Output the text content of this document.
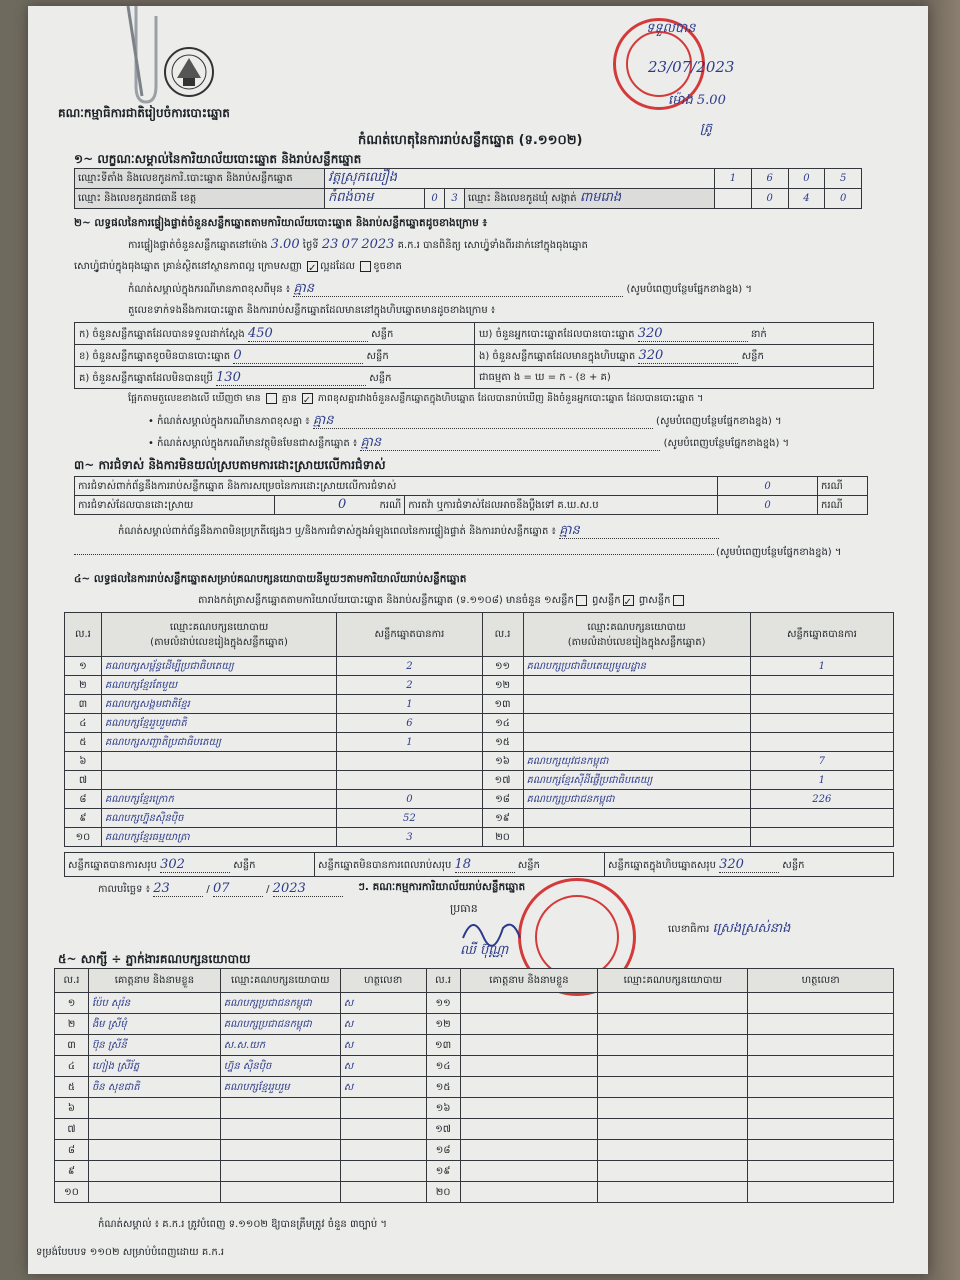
គណៈកម្មាធិការជាតិរៀបចំការបោះឆ្នោត
កំណត់ហេតុនៃការរាប់សន្លឹកឆ្នោត (ទ.១១០២)
ទទួលបាន
23/07/2023
ម៉ោង 5.00
ត្រូ
១~ លក្ខណៈសម្គាល់នៃការិយាល័យបោះឆ្នោត និងរាប់សន្លឹកឆ្នោត
ឈ្មោះទីតាំង និងលេខកូដការិ.បោះឆ្នោត និងរាប់សន្លឹកឆ្នោត	វត្តស្រុកឈឿង				1	6	0	5
ឈ្មោះ និងលេខកូដរាជធានី ខេត្ត	កំពង់ចាម	0	3	ឈ្មោះ និងលេខកូដឃុំ សង្កាត់ ពាមរោង		0	4	0
២~ លទ្ធផលនៃការផ្ទៀងផ្ទាត់ចំនួនសន្លឹកឆ្នោតតាមការិយាល័យបោះឆ្នោត និងរាប់សន្លឹកឆ្នោតដូចខាងក្រោម ៖
ការផ្ទៀងផ្ទាត់ចំនួនសន្លឹកឆ្នោតនៅម៉ោង 3.00 ថ្ងៃទី 23 07 2023 គ.ក.រ បានពិនិត្យ សោហ្វ៉ូទាំងពីរដាក់នៅក្នុងធុងឆ្នោត
សោហ្វ៉ូជាប់ក្នុងធុងឆ្នោត គ្រាន់ស្ថិតនៅស្ថានភាពល្អ ក្រោមសញ្ញា ✓ ល្អដដែល ខូចខាត
កំណត់សម្គាល់ក្នុងករណីមានភាពខុសពីមុន ៖ គ្មាន	(សូមបំពេញបន្ថែមផ្នែកខាងខ្នង) ។
តួលេខទាក់ទងនឹងការបោះឆ្នោត និងការរាប់សន្លឹកឆ្នោតដែលមាននៅក្នុងហិបឆ្នោតមានដូចខាងក្រោម ៖
ក) ចំនួនសន្លឹកឆ្នោតដែលបានទទួលដាក់ស្តែង 450 សន្លឹក	ឃ) ចំនួនអ្នកបោះឆ្នោតដែលបានបោះឆ្នោត 320 នាក់
ខ) ចំនួនសន្លឹកឆ្នោតខូចមិនបានបោះឆ្នោត 0 សន្លឹក	ង) ចំនួនសន្លឹកឆ្នោតដែលមានក្នុងហិបឆ្នោត 320 សន្លឹក
គ) ចំនួនសន្លឹកឆ្នោតដែលមិនបានប្រើ 130 សន្លឹក	ជាធម្មតា ង = ឃ = ក - (ខ + គ)
ផ្អែកតាមតួលេខខាងលើ ឃើញថា មាន គ្មាន ✓ ភាពខុសគ្នារវាងចំនួនសន្លឹកឆ្នោតក្នុងហិបឆ្នោត ដែលបានរាប់ឃើញ និងចំនួនអ្នកបោះឆ្នោត ដែលបានបោះឆ្នោត ។
• កំណត់សម្គាល់ក្នុងករណីមានភាពខុសគ្នា ៖ គ្មាន	(សូមបំពេញបន្ថែមផ្នែកខាងខ្នង) ។
• កំណត់សម្គាល់ក្នុងករណីមានវត្ថុមិនមែនជាសន្លឹកឆ្នោត ៖ គ្មាន	(សូមបំពេញបន្ថែមផ្នែកខាងខ្នង) ។
៣~ ការជំទាស់ និងការមិនយល់ស្របតាមការដោះស្រាយលើការជំទាស់
ការជំទាស់ពាក់ព័ន្ធនឹងការរាប់សន្លឹកឆ្នោត និងការសម្រេចនៃការដោះស្រាយលើការជំទាស់			0	ករណី
ការជំទាស់ដែលបានដោះស្រាយ	0 ករណី	ការតវ៉ា ឬការជំទាស់ដែលអាចនឹងប្តឹងទៅ គ.ឃ.ស.ប	0	ករណី
កំណត់សម្គាល់ពាក់ព័ន្ធនឹងភាពមិនប្រក្រតីផ្សេងៗ ឬ/និងការជំទាស់ក្នុងអំឡុងពេលនៃការផ្ទៀងផ្ទាត់ និងការរាប់សន្លឹកឆ្នោត ៖ គ្មាន
(សូមបំពេញបន្ថែមផ្នែកខាងខ្នង) ។
៤~ លទ្ធផលនៃការរាប់សន្លឹកឆ្នោតសម្រាប់គណបក្សនយោបាយនីមួយៗតាមការិយាល័យរាប់សន្លឹកឆ្នោត
តារាងកត់ត្រាសន្លឹកឆ្នោតតាមការិយាល័យបោះឆ្នោត និងរាប់សន្លឹកឆ្នោត (ទ.១១០៨) មានចំនួន ១សន្លឹក ព្ធសន្លឹក ✓ ព្ធាសន្លឹក
ល.រ	ឈ្មោះគណបក្សនយោបាយ
(តាមលំដាប់លេខរៀងក្នុងសន្លឹកឆ្នោត)	សន្លឹកឆ្នោតបានការ	ល.រ	ឈ្មោះគណបក្សនយោបាយ
(តាមលំដាប់លេខរៀងក្នុងសន្លឹកឆ្នោត)	សន្លឹកឆ្នោតបានការ
១	គណបក្សសម្ព័ន្ធដើម្បីប្រជាធិបតេយ្យ	2	១១	គណបក្សប្រជាធិបតេយ្យមូលដ្ឋាន	1
២	គណបក្សខ្មែរតែមួយ	2	១២		
៣	គណបក្សសង្គមជាតិខ្មែរ	1	១៣		
៤	គណបក្សខ្មែររួបរួមជាតិ	6	១៤		
៥	គណបក្សសញ្ជាតិប្រជាធិបតេយ្យ	1	១៥		
៦			១៦	គណបក្សយុវជនកម្ពុជា	7
៧			១៧	គណបក្សខ្មែរស៊ីដីផ្លើប្រជាធិបតេយ្យ	1
៨	គណបក្សខ្មែរក្រោក	0	១៨	គណបក្សប្រជាជនកម្ពុជា	226
៩	គណបក្សហ្វ៊ុនស៊ិនប៉ិច	52	១៩		
១០	គណបក្សខ្មែរធម្មយាត្រា	3	២០		
សន្លឹកឆ្នោតបានការសរុប 302	សន្លឹក	សន្លឹកឆ្នោតមិនបានការពេលរាប់សរុប 18	សន្លឹក	សន្លឹកឆ្នោតក្នុងហិបឆ្នោតសរុប 320	សន្លឹក
កាលបរិច្ឆេទ ៖ 23	/ 07	/ 2023	ៗ. គណៈកម្មការការិយាល័យរាប់សន្លឹកឆ្នោត
ប្រធាន
ឈី ប៊ុណ្ណា
លេខាធិការ ស្រេងស្រស់នាង
៥~ សាក្សី ÷ ភ្នាក់ងារគណបក្សនយោបាយ
ល.រ	គោត្តនាម និងនាមខ្លួន	ឈ្មោះគណបក្សនយោបាយ	ហត្ថលេខា	ល.រ	គោត្តនាម និងនាមខ្លួន	ឈ្មោះគណបក្សនយោបាយ	ហត្ថលេខា
១	ប៉ែប សុរ៉ន	គណបក្សប្រជាជនកម្ពុជា	ស	១១			
២	ងិម ស្រីមុំ	គណបក្សប្រជាជនកម្ពុជា	ស	១២			
៣	ប៊ុន ស្រីនី	ស.ស.យក	ស	១៣			
៤	ហៀង ស្រីរ័ត្ន	ហ្វ៊ុន ស៊ិនប៉ិច	ស	១៤			
៥	ចិន សុខជាតិ	គណបក្សខ្មែររួបរួម	ស	១៥			
៦				១៦			
៧				១៧			
៨				១៨			
៩				១៩			
១០				២០			
កំណត់សម្គាល់ ៖ គ.ក.រ ត្រូវបំពេញ ទ.១១០២ ឱ្យបានត្រឹមត្រូវ ចំនួន ៣ច្បាប់ ។
ទម្រង់បែបបទ ១១០២ សម្រាប់បំពេញដោយ គ.ក.រ
